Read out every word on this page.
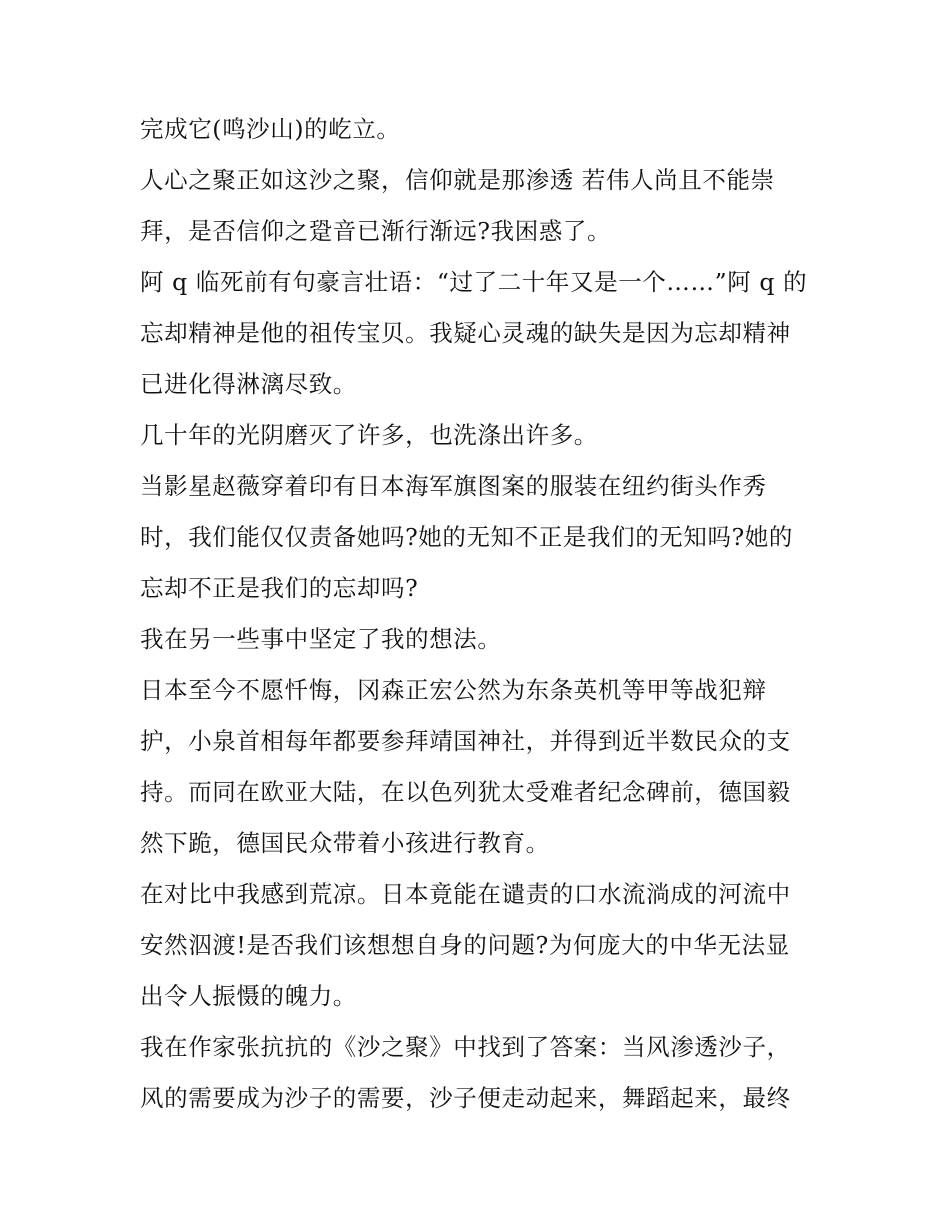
完成它(鸣沙山)的屹立。
人心之聚正如这沙之聚，信仰就是那渗透 若伟人尚且不能崇
拜，是否信仰之跫音已渐行渐远?我困惑了。
阿 q 临死前有句豪言壮语：“过了二十年又是一个……”阿 q 的
忘却精神是他的祖传宝贝。我疑心灵魂的缺失是因为忘却精神
已进化得淋漓尽致。
几十年的光阴磨灭了许多，也洗涤出许多。
当影星赵薇穿着印有日本海军旗图案的服装在纽约街头作秀
时，我们能仅仅责备她吗?她的无知不正是我们的无知吗?她的
忘却不正是我们的忘却吗?
我在另一些事中坚定了我的想法。
日本至今不愿忏悔，冈森正宏公然为东条英机等甲等战犯辩
护，小泉首相每年都要参拜靖国神社，并得到近半数民众的支
持。而同在欧亚大陆，在以色列犹太受难者纪念碑前，德国毅
然下跪，德国民众带着小孩进行教育。
在对比中我感到荒凉。日本竟能在谴责的口水流淌成的河流中
安然泅渡!是否我们该想想自身的问题?为何庞大的中华无法显
出令人振慑的魄力。
我在作家张抗抗的《沙之聚》中找到了答案：当风渗透沙子，
风的需要成为沙子的需要，沙子便走动起来，舞蹈起来，最终
